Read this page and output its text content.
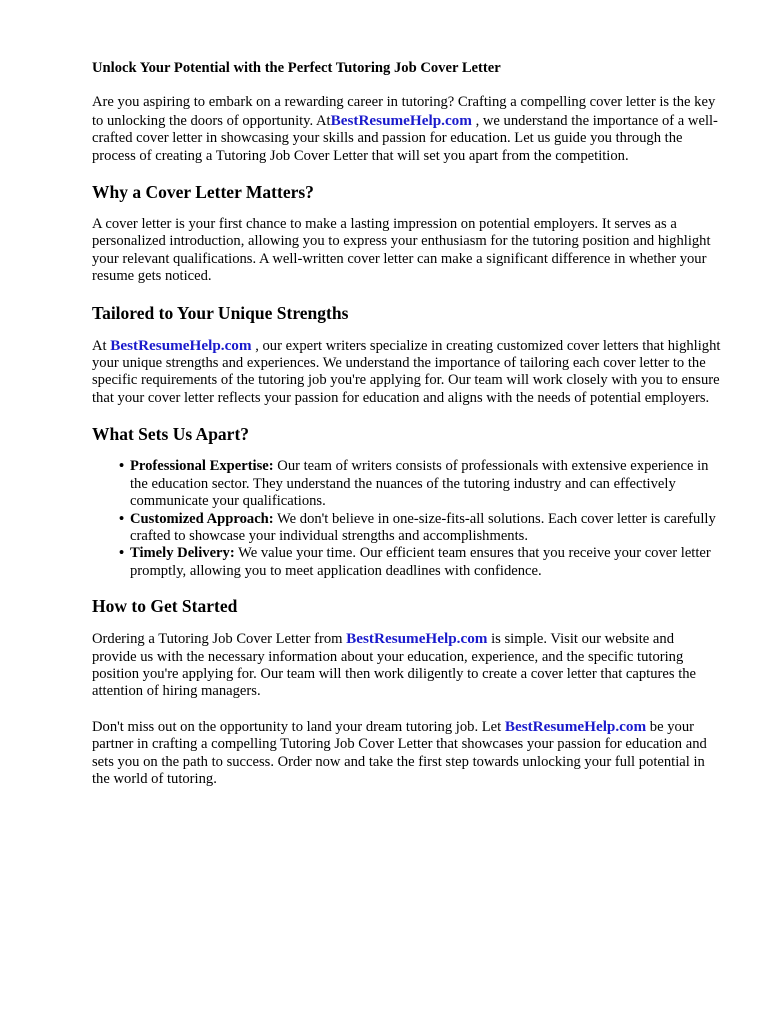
Unlock Your Potential with the Perfect Tutoring Job Cover Letter

Are you aspiring to embark on a rewarding career in tutoring? Crafting a compelling cover letter is the key to unlocking the doors of opportunity. AtBestResumeHelp.com , we understand the importance of a well-crafted cover letter in showcasing your skills and passion for education. Let us guide you through the process of creating a Tutoring Job Cover Letter that will set you apart from the competition.

Why a Cover Letter Matters?

A cover letter is your first chance to make a lasting impression on potential employers. It serves as a personalized introduction, allowing you to express your enthusiasm for the tutoring position and highlight your relevant qualifications. A well-written cover letter can make a significant difference in whether your resume gets noticed.

Tailored to Your Unique Strengths

At BestResumeHelp.com , our expert writers specialize in creating customized cover letters that highlight your unique strengths and experiences. We understand the importance of tailoring each cover letter to the specific requirements of the tutoring job you're applying for. Our team will work closely with you to ensure that your cover letter reflects your passion for education and aligns with the needs of potential employers.

What Sets Us Apart?
• Professional Expertise: Our team of writers consists of professionals with extensive experience in the education sector. They understand the nuances of the tutoring industry and can effectively communicate your qualifications.
• Customized Approach: We don't believe in one-size-fits-all solutions. Each cover letter is carefully crafted to showcase your individual strengths and accomplishments.
• Timely Delivery: We value your time. Our efficient team ensures that you receive your cover letter promptly, allowing you to meet application deadlines with confidence.
How to Get Started

Ordering a Tutoring Job Cover Letter from BestResumeHelp.com is simple. Visit our website and provide us with the necessary information about your education, experience, and the specific tutoring position you're applying for. Our team will then work diligently to create a cover letter that captures the attention of hiring managers.

Don't miss out on the opportunity to land your dream tutoring job. Let BestResumeHelp.com be your partner in crafting a compelling Tutoring Job Cover Letter that showcases your passion for education and sets you on the path to success. Order now and take the first step towards unlocking your full potential in the world of tutoring.
